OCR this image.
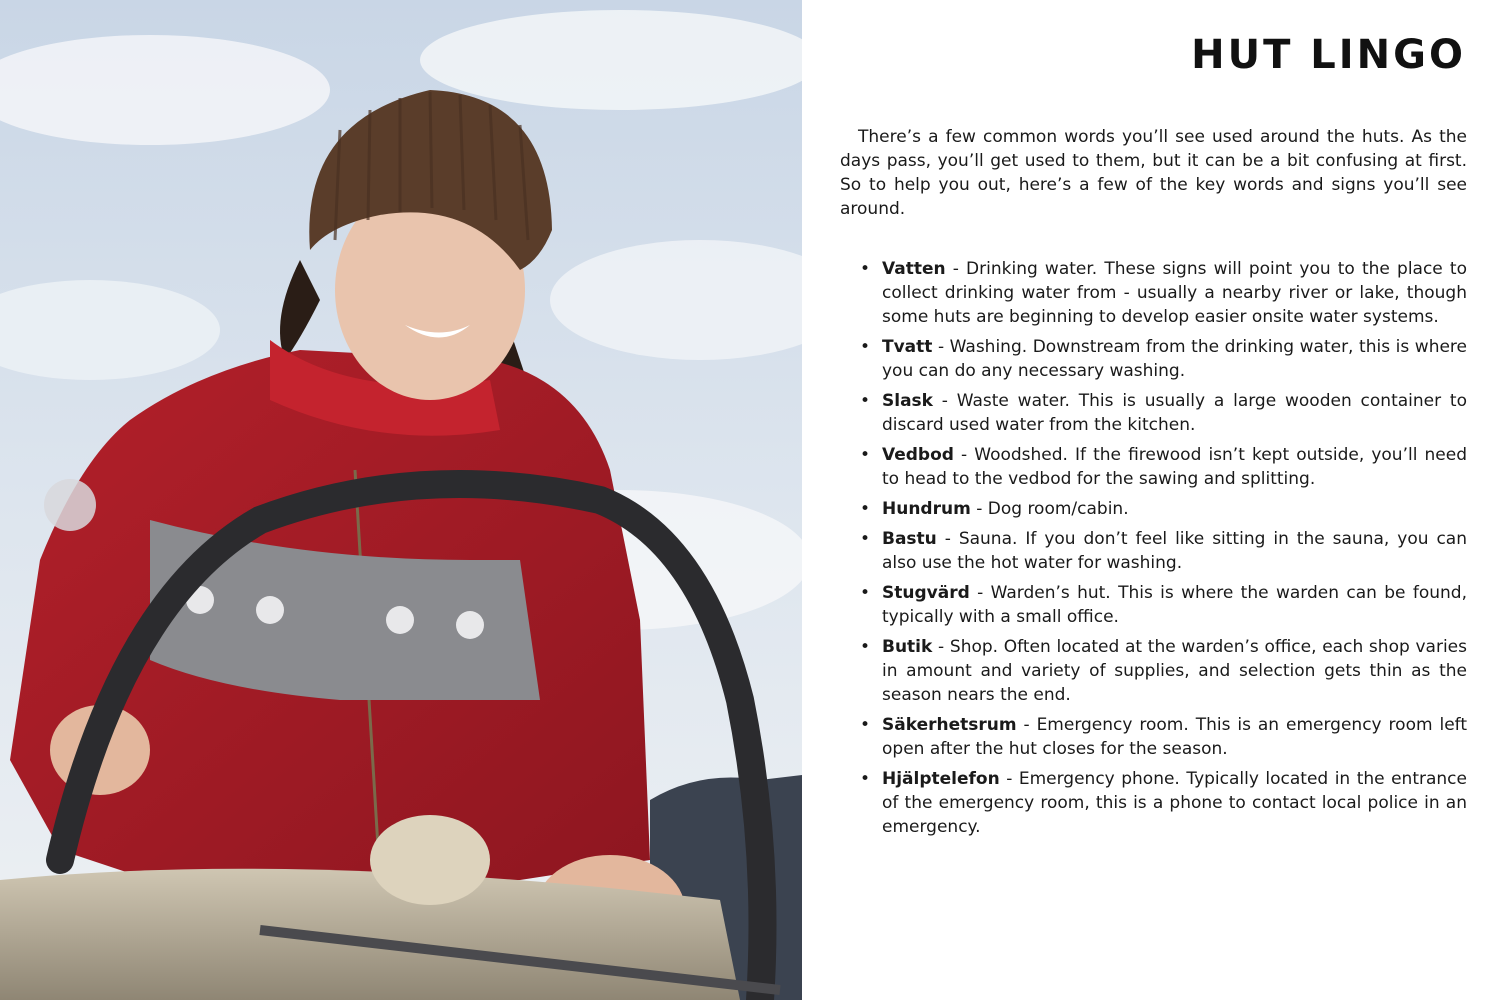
HUT LINGO

There’s a few common words you’ll see used around the huts. As the days pass, you’ll get used to them, but it can be a bit confusing at first. So to help you out, here’s a few of the key words and signs you’ll see around.

• Vatten - Drinking water. These signs will point you to the place to collect drinking water from - usually a nearby river or lake, though some huts are beginning to develop easier onsite water systems.
• Tvatt - Washing. Downstream from the drinking water, this is where you can do any necessary washing.
• Slask - Waste water. This is usually a large wooden container to discard used water from the kitchen.
• Vedbod - Woodshed. If the firewood isn’t kept outside, you’ll need to head to the vedbod for the sawing and splitting.
• Hundrum - Dog room/cabin.
• Bastu - Sauna. If you don’t feel like sitting in the sauna, you can also use the hot water for washing.
• Stugvärd - Warden’s hut. This is where the warden can be found, typically with a small office.
• Butik - Shop. Often located at the warden’s office, each shop varies in amount and variety of supplies, and selection gets thin as the season nears the end.
• Säkerhetsrum - Emergency room. This is an emergency room left open after the hut closes for the season.
• Hjälptelefon - Emergency phone. Typically located in the entrance of the emergency room, this is a phone to contact local police in an emergency.
